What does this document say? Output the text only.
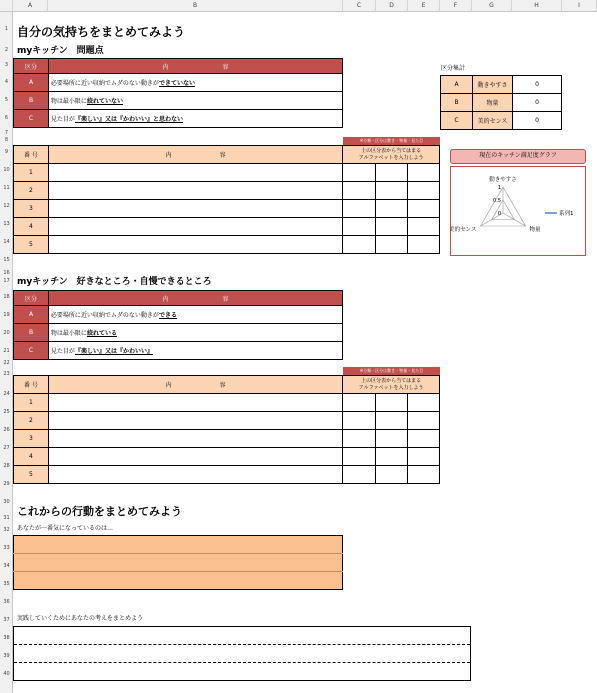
A	B	C	D	E	F	G	H	I
1
2
3
4
5
6
7
8
9
10
11
12
13
14
15
16
17
18
19
20
21
22
23
24
25
26
27
28
29
30
31
32
33
34
35
36
37
38
39
40
自分の気持ちをまとめてみよう
myキッチン　問題点
区分	内　　　　　　　　　容
A	必要場所に近い収納でムダのない動きができていない
B	物は最小限に絞れていない
C	見た目が『楽しい』又は『かわいい』と思わない
区分集計
A	動きやすさ	0
B	物量	0
C	美的センス	0
※分類・区分は動き・物量・見た目
番 号	内　　　　　　　　容	上の区分表から当てはまる
アルファベットを入力しよう		
1				
2				
3				
4				
5				
現在のキッチン満足度グラフ
0
0.5
1
動きやすさ
物量
美的センス
系列1
myキッチン　好きなところ・自慢できるところ
区分	内　　　　　　　　　容
A	必要場所に近い収納でムダのない動きができる
B	物は最小限に絞れている
C	見た目が『楽しい』又は『かわいい』
※分類・区分は動き・物量・見た目
番 号	内　　　　　　　　容	上の区分表から当てはまる
アルファベットを入力しよう		
1				
2				
3				
4				
5				
これからの行動をまとめてみよう
あなたが一番気になっているのは…
実践していくためにあなたの考えをまとめよう
